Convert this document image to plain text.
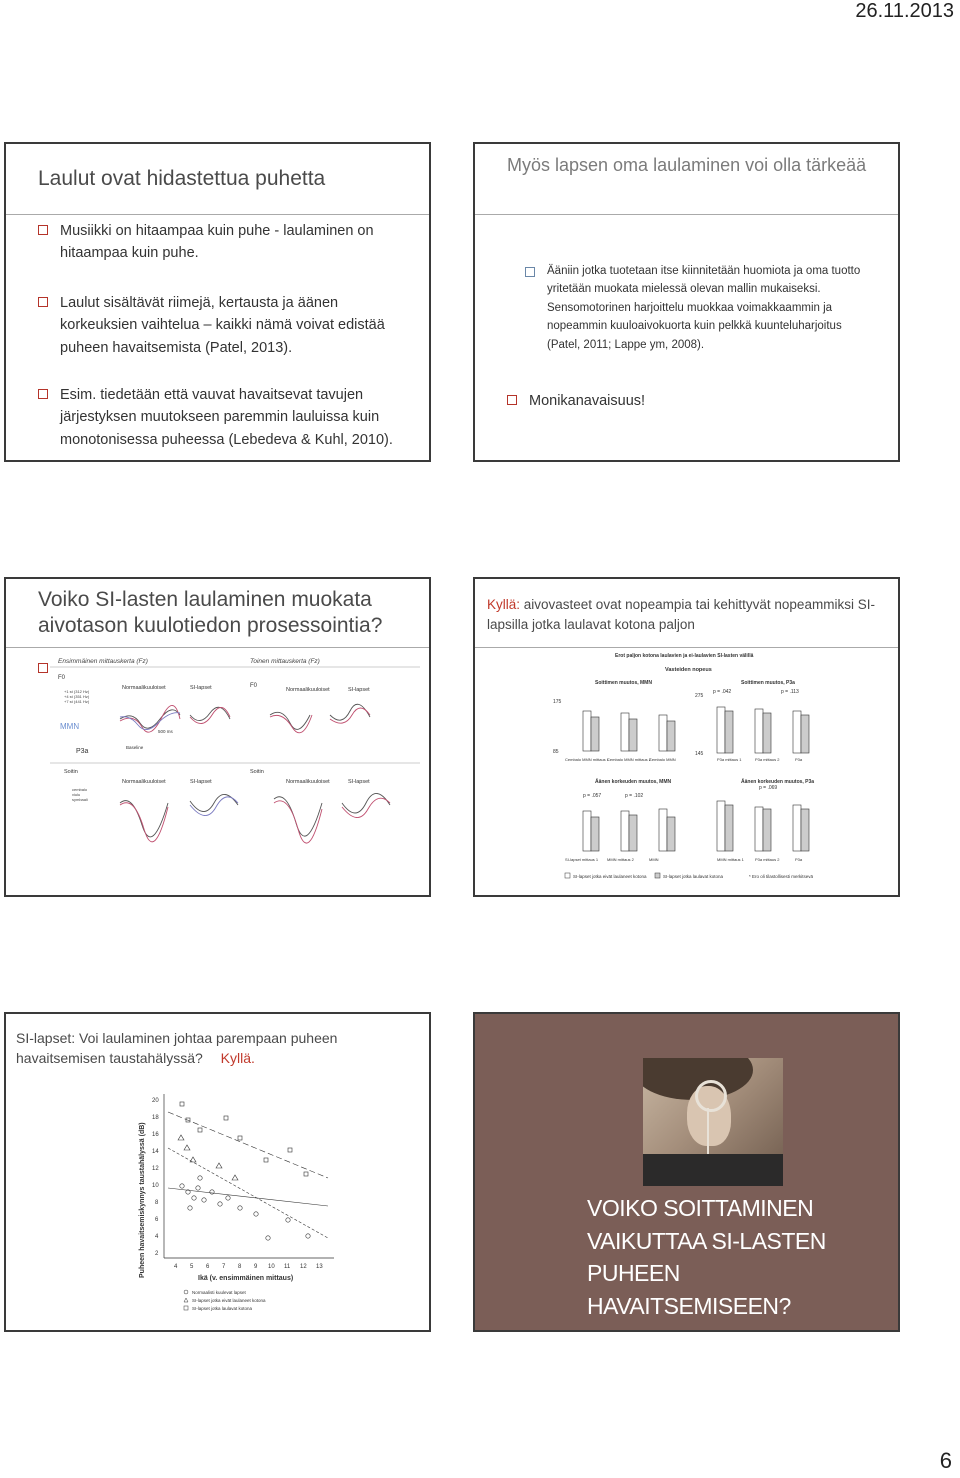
26.11.2013
Laulut ovat hidastettua puhetta
Musiikki on hitaampaa kuin puhe - laulaminen on hitaampaa kuin puhe.
Laulut sisältävät riimejä, kertausta ja äänen korkeuksien vaihtelua – kaikki nämä voivat edistää puheen havaitsemista (Patel, 2013).
Esim. tiedetään että vauvat havaitsevat tavujen järjestyksen muutokseen paremmin lauluissa kuin monotonisessa puheessa (Lebedeva & Kuhl, 2010).
Myös lapsen oma laulaminen voi olla tärkeää
Ääniin jotka tuotetaan itse kiinnitetään huomiota ja oma tuotto yritetään muokata mielessä olevan mallin mukaiseksi. Sensomotorinen harjoittelu muokkaa voimakkaammin ja nopeammin kuuloaivokuorta kuin pelkkä kuunteluharjoitus (Patel, 2011; Lappe ym, 2008).
Monikanavaisuus!
Voiko SI-lasten laulaminen muokata aivotason kuulotiedon prosessointia?
Ensimmäinen mittauskerta (Fz)	Toinen mittauskerta (Fz)
F0
F0
Normaalikuuloiset	SI-lapset	Normaalikuuloiset	SI-lapset
+1 st (312 Hz)
+4 st (351 Hz)
+7 st (441 Hz)
MMN
P3a
Baseline
500 ms
Soitin	Soitin
Normaalikuuloiset	SI-lapset	Normaalikuuloiset	SI-lapset
cembalo
viulu
symbaali
Kyllä: aivovasteet ovat nopeampia tai kehittyvät nopeammiksi SI-lapsilla jotka laulavat kotona paljon
Erot paljon kotona laulavien ja ei-laulavien SI-lasten välillä
Vasteiden nopeus
Soittimen muutos, MMN	Soittimen muutos, P3a
p = .042	p = .113
175
85
275
145
Cembalo MMN mittaus 1
Cembalo MMN mittaus 2
Cembalo MMN	P3a mittaus 1	P3a mittaus 2	P3a
Äänen korkeuden muutos, MMN	Äänen korkeuden muutos, P3a
p = .057	p = .102
p = .069
SI-lapset mittaus 1 MMN mittaus 2	MMN	MMN mittaus 1	P3a mittaus 2	P3a
SI-lapset jotka eivät laulaneet kotona	SI-lapset jotka laulavat kotona	* Ero oli tilastollisesti merkitsevä
SI-lapset: Voi laulaminen johtaa parempaan puheen havaitsemisen taustahälyssä? Kyllä.
Puheen havaitsemiskynnys taustahälyssä (dB)
20
18
16
14
12
10
8
6
4
2
4 5 6 7 8 9 10 11 12 13
Ikä (v. ensimmäinen mittaus)
Normaalisti kuulevat lapset
SI-lapset jotka eivät laulaneet kotona
SI-lapset jotka laulavat kotona
VOIKO SOITTAMINEN VAIKUTTAA SI-LASTEN PUHEEN HAVAITSEMISEEN?
6
